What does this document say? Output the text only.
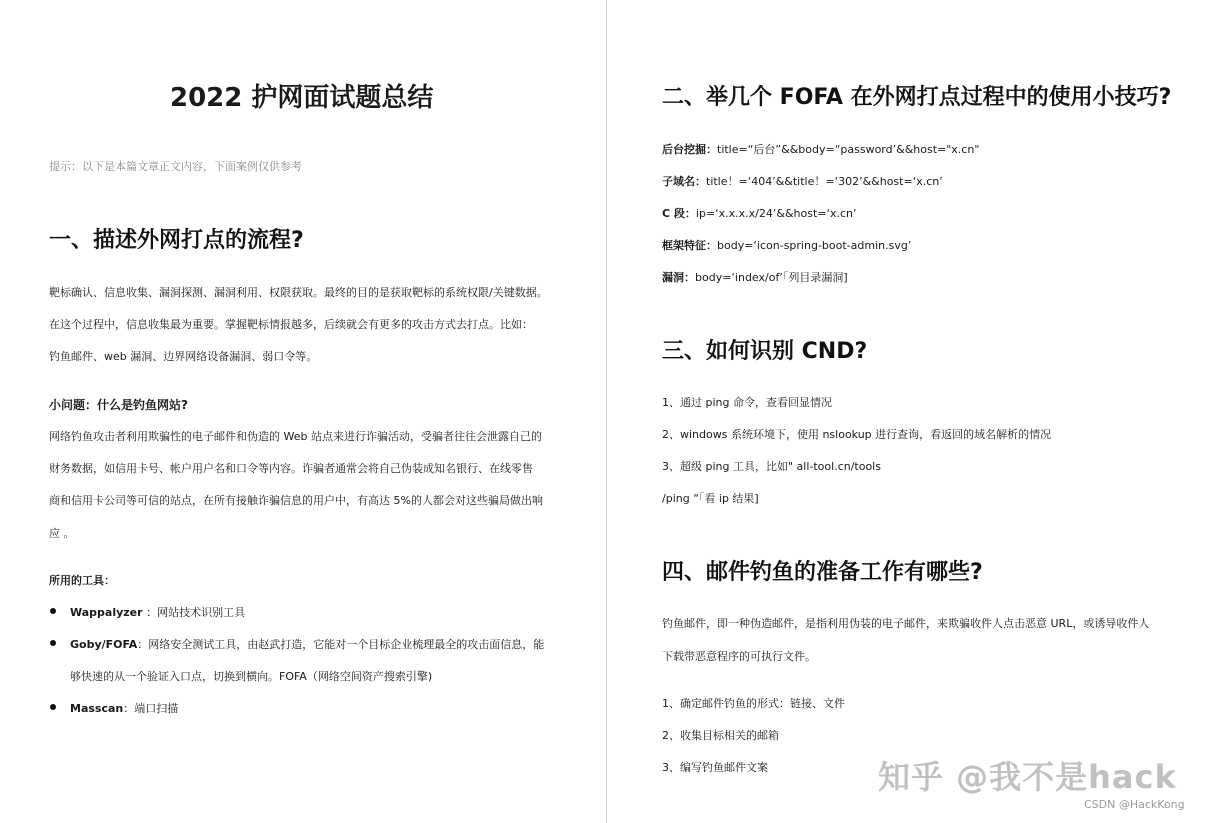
2022 护网面试题总结
提示：以下是本篇文章正文内容，下面案例仅供参考
一、描述外网打点的流程?
靶标确认、信息收集、漏洞探测、漏洞利用、权限获取。最终的目的是获取靶标的系统权限/关键数据。
在这个过程中，信息收集最为重要。掌握靶标情报越多，后续就会有更多的攻击方式去打点。比如：
钓鱼邮件、web 漏洞、边界网络设备漏洞、弱口令等。
小问题：什么是钓鱼网站?
网络钓鱼攻击者利用欺骗性的电子邮件和伪造的 Web 站点来进行诈骗活动，受骗者往往会泄露自己的
财务数据，如信用卡号、帐户用户名和口令等内容。诈骗者通常会将自己伪装成知名银行、在线零售
商和信用卡公司等可信的站点，在所有接触诈骗信息的用户中，有高达 5%的人都会对这些骗局做出响
应 。
所用的工具：
Wappalyzer ：网站技术识别工具
Goby/FOFA：网络安全测试工具，由赵武打造，它能对一个目标企业梳理最全的攻击面信息，能
够快速的从一个验证入口点，切换到横向。FOFA（网络空间资产搜索引擎)
Masscan：端口扫描
二、举几个 FOFA 在外网打点过程中的使用小技巧?
后台挖掘：title=“后台”&&body=“password’&&host="x.cn"
子域名：title！=‘404’&&title！=‘302’&&host=‘x.cn’
C 段：ip=‘x.x.x.x/24’&&host=‘x.cn’
框架特征：body=‘icon-spring-boot-admin.svg’
漏洞：body=‘index/of’「列目录漏洞]
三、如何识别 CND?
1、通过 ping 命令，查看回显情况
2、windows 系统环境下，使用 nslookup 进行查询，看返回的域名解析的情况
3、超级 ping 工具，比如" all-tool.cn/tools
/ping “「看 ip 结果]
四、邮件钓鱼的准备工作有哪些?
钓鱼邮件，即一种伪造邮件，是指利用伪装的电子邮件，来欺骗收件人点击恶意 URL，或诱导收件人
下载带恶意程序的可执行文件。
1、确定邮件钓鱼的形式：链接、文件
2、收集目标相关的邮箱
3、编写钓鱼邮件文案	知乎 @我不是hack
CSDN @HackKong
